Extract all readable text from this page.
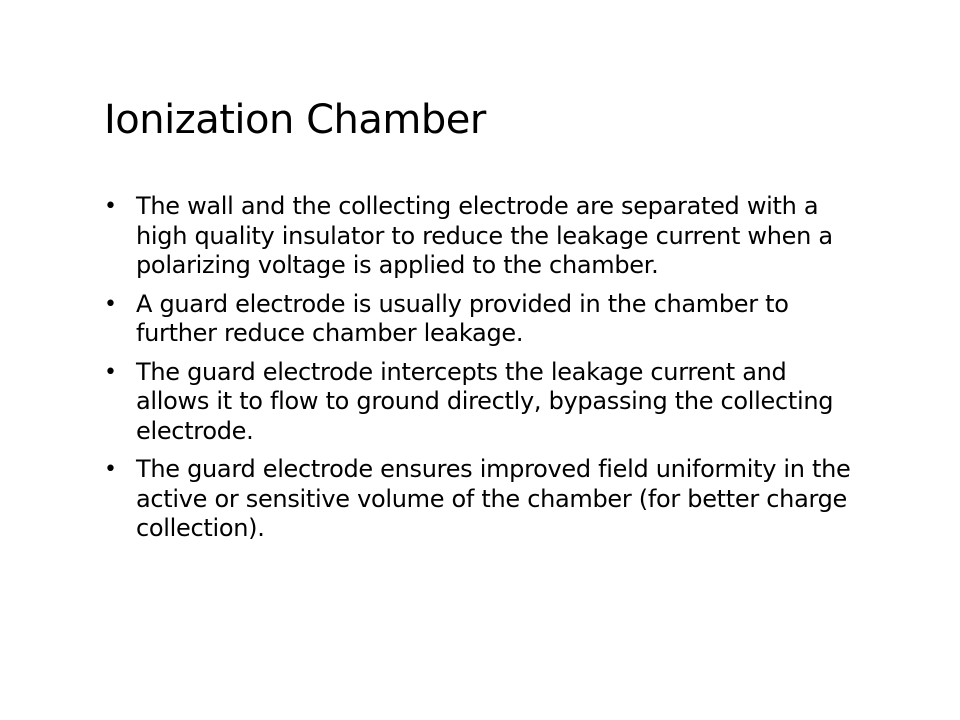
Ionization Chamber
• The wall and the collecting electrode are separated with a high quality insulator to reduce the leakage current when a polarizing voltage is applied to the chamber.
• A guard electrode is usually provided in the chamber to further reduce chamber leakage.
• The guard electrode intercepts the leakage current and allows it to flow to ground directly, bypassing the collecting electrode.
• The guard electrode ensures improved field uniformity in the active or sensitive volume of the chamber (for better charge collection).
